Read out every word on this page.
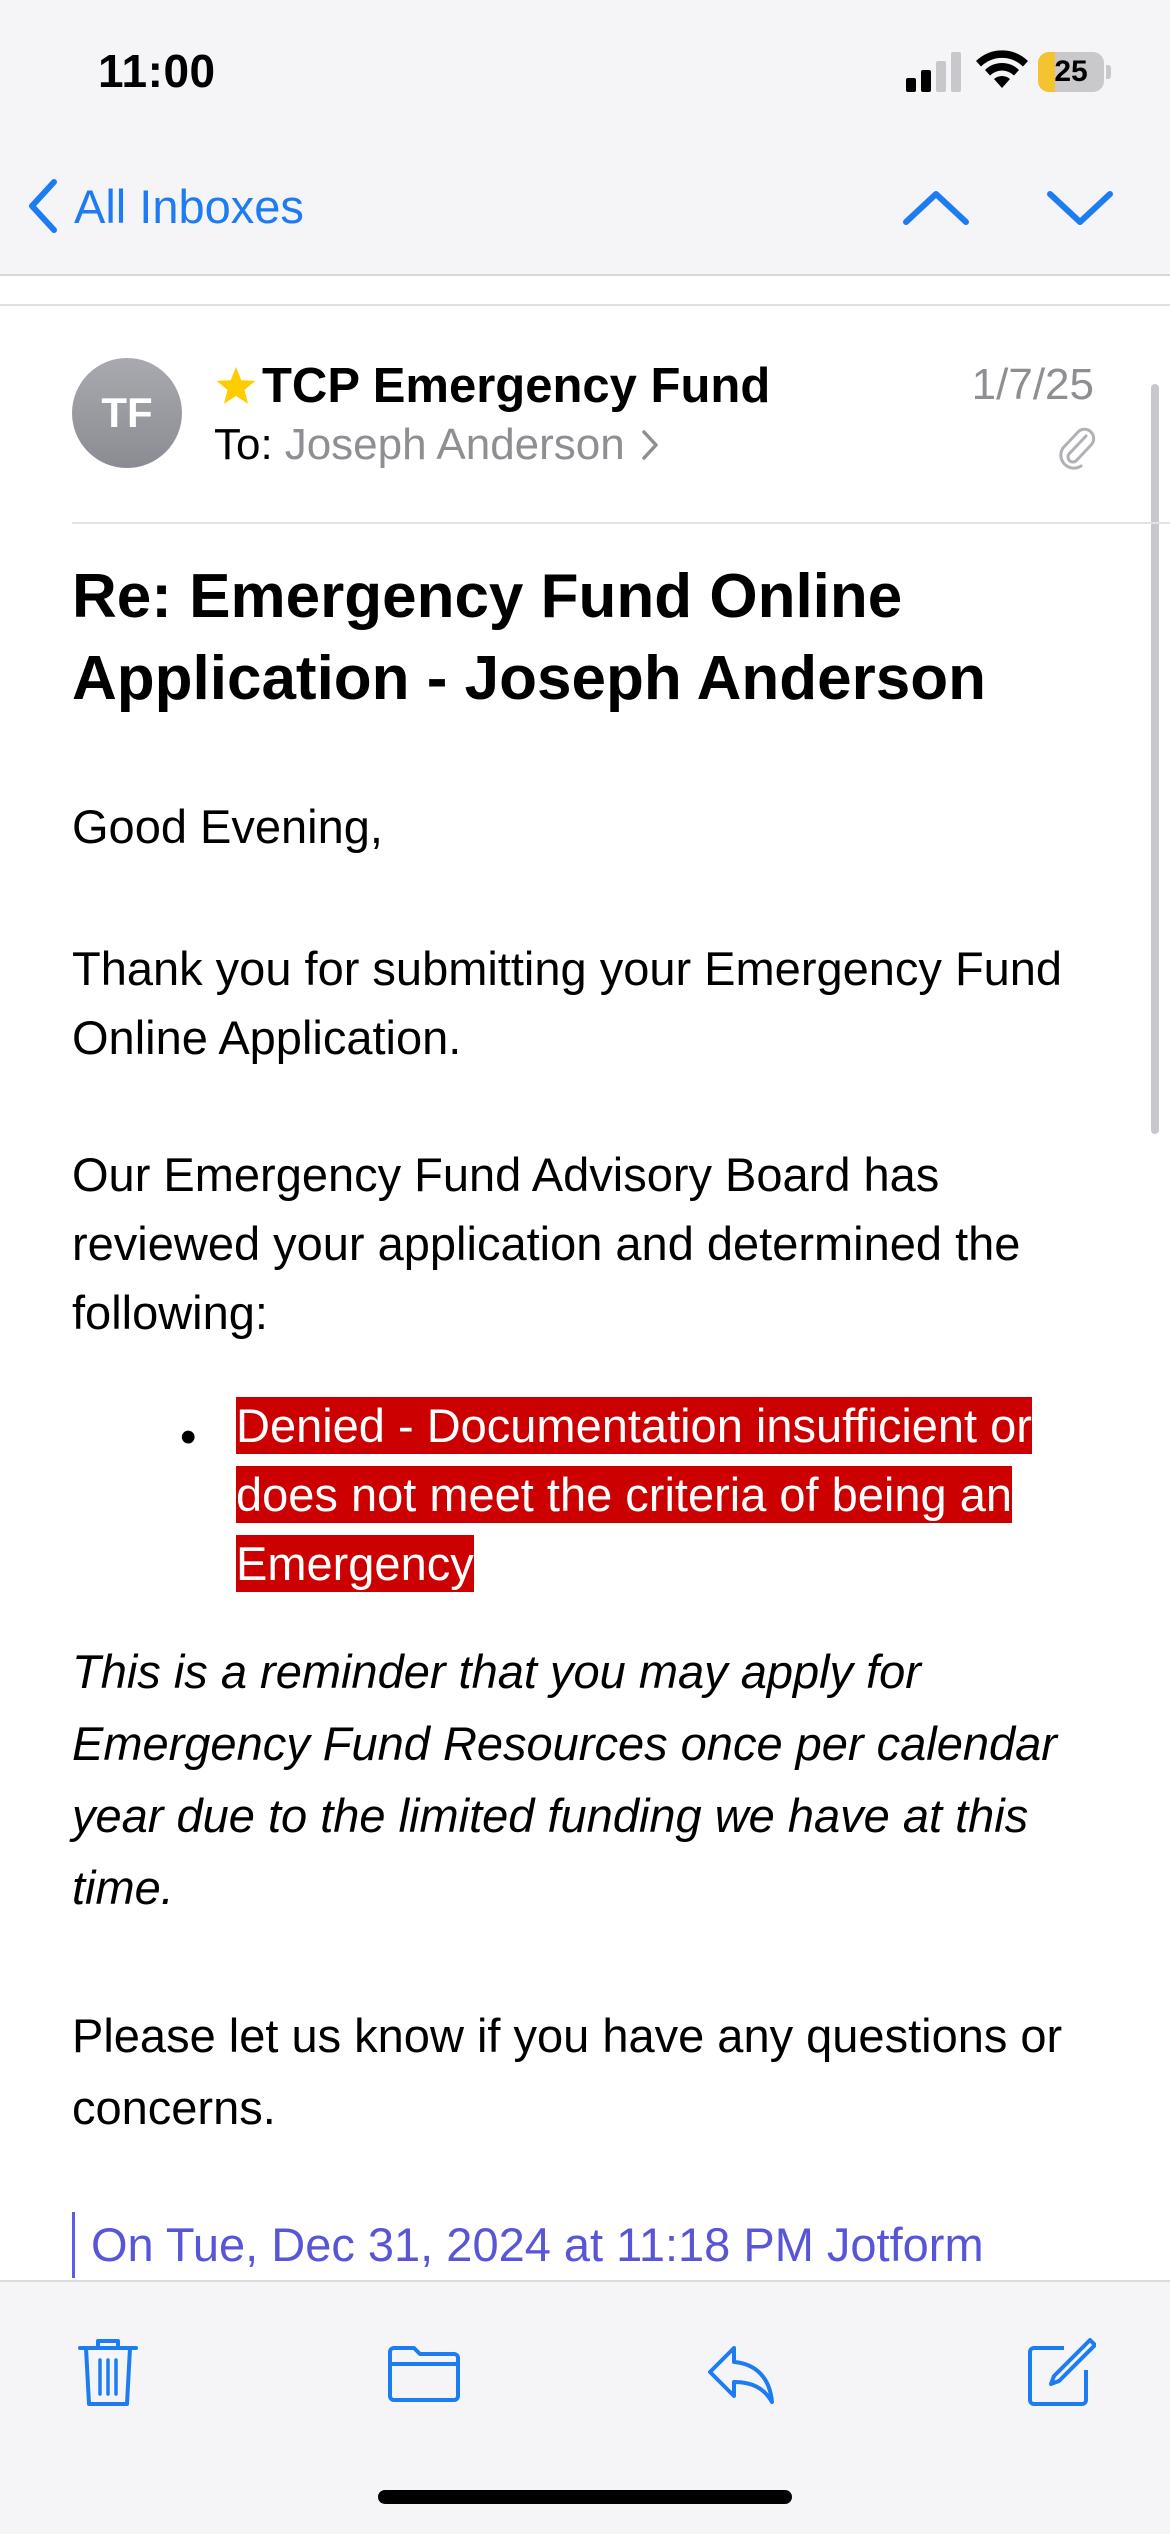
11:00	25
All Inboxes
TF	TCP Emergency Fund
To: Joseph Anderson
1/7/25
Re: Emergency Fund Online Application - Joseph Anderson
Good Evening,
Thank you for submitting your Emergency Fund Online Application.
Our Emergency Fund Advisory Board has reviewed your application and determined the following:
• Denied - Documentation insufficient or does not meet the criteria of being an Emergency
This is a reminder that you may apply for Emergency Fund Resources once per calendar year due to the limited funding we have at this time.
Please let us know if you have any questions or concerns.
On Tue, Dec 31, 2024 at 11:18 PM Jotform
